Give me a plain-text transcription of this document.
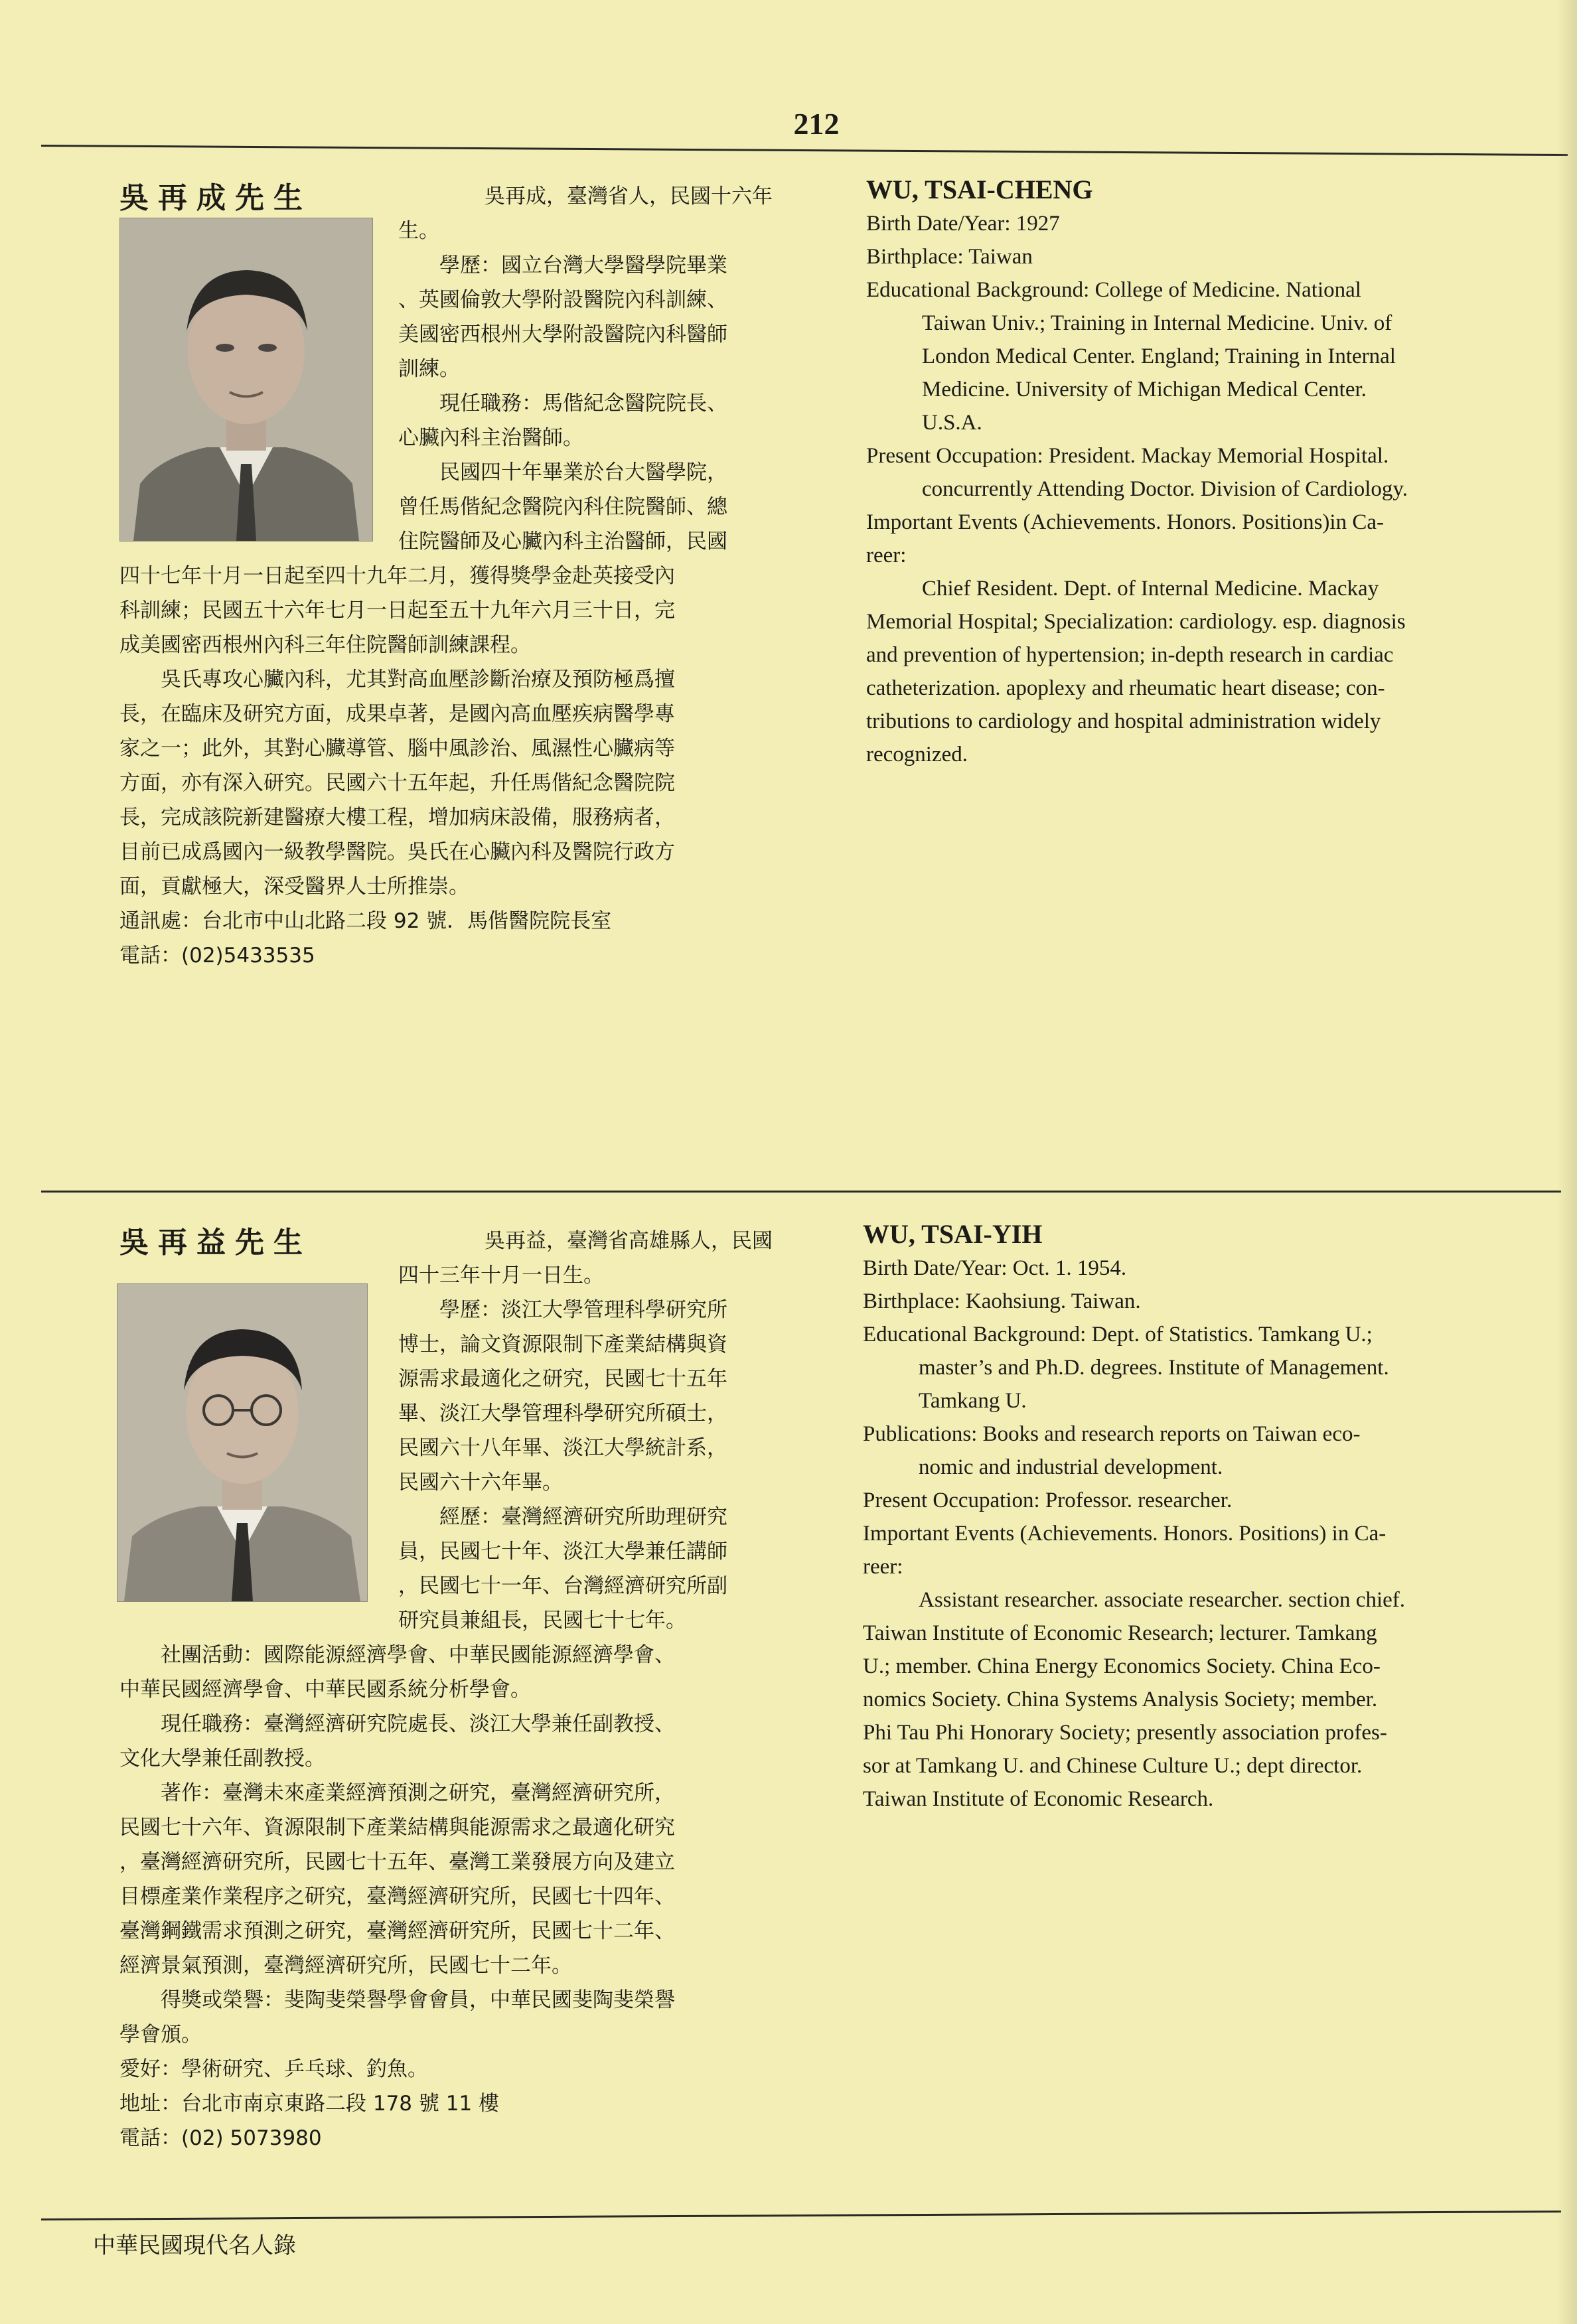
212
吳再成先生	吳再成，臺灣省人，民國十六年

生。

學歷：國立台灣大學醫學院畢業

、英國倫敦大學附設醫院內科訓練、

美國密西根州大學附設醫院內科醫師

訓練。

現任職務：馬偕紀念醫院院長、

心臟內科主治醫師。

民國四十年畢業於台大醫學院，

曾任馬偕紀念醫院內科住院醫師、總

住院醫師及心臟內科主治醫師，民國

四十七年十月一日起至四十九年二月，獲得獎學金赴英接受內

科訓練；民國五十六年七月一日起至五十九年六月三十日，完

成美國密西根州內科三年住院醫師訓練課程。

吳氏專攻心臟內科，尤其對高血壓診斷治療及預防極爲擅

長，在臨床及研究方面，成果卓著，是國內高血壓疾病醫學專

家之一；此外，其對心臟導管、腦中風診治、風濕性心臟病等

方面，亦有深入研究。民國六十五年起，升任馬偕紀念醫院院

長，完成該院新建醫療大樓工程，增加病床設備，服務病者，

目前已成爲國內一級教學醫院。吳氏在心臟內科及醫院行政方

面，貢獻極大，深受醫界人士所推崇。

通訊處：台北市中山北路二段 92 號．馬偕醫院院長室

電話：(02)5433535

WU, TSAI-CHENG
Birth Date/Year: 1927
Birthplace: Taiwan
Educational Background: College of Medicine. National
Taiwan Univ.; Training in Internal Medicine. Univ. of
London Medical Center. England; Training in Internal
Medicine. University of Michigan Medical Center.
U.S.A.
Present Occupation: President. Mackay Memorial Hospital.
concurrently Attending Doctor. Division of Cardiology.
Important Events (Achievements. Honors. Positions)in Ca-
reer:
Chief Resident. Dept. of Internal Medicine. Mackay
Memorial Hospital; Specialization: cardiology. esp. diagnosis
and prevention of hypertension; in-depth research in cardiac
catheterization. apoplexy and rheumatic heart disease; con-
tributions to cardiology and hospital administration widely
recognized.
吳再益先生	吳再益，臺灣省高雄縣人，民國

四十三年十月一日生。

學歷：淡江大學管理科學研究所

博士，論文資源限制下產業結構與資

源需求最適化之研究，民國七十五年

畢、淡江大學管理科學研究所碩士，

民國六十八年畢、淡江大學統計系，

民國六十六年畢。

經歷：臺灣經濟研究所助理研究

員，民國七十年、淡江大學兼任講師

，民國七十一年、台灣經濟研究所副

研究員兼組長，民國七十七年。

社團活動：國際能源經濟學會、中華民國能源經濟學會、

中華民國經濟學會、中華民國系統分析學會。

現任職務：臺灣經濟研究院處長、淡江大學兼任副教授、

文化大學兼任副教授。

著作：臺灣未來產業經濟預測之研究，臺灣經濟研究所，

民國七十六年、資源限制下產業結構與能源需求之最適化研究

，臺灣經濟研究所，民國七十五年、臺灣工業發展方向及建立

目標產業作業程序之研究，臺灣經濟研究所，民國七十四年、

臺灣鋼鐵需求預測之研究，臺灣經濟研究所，民國七十二年、

經濟景氣預測，臺灣經濟研究所，民國七十二年。

得獎或榮譽：斐陶斐榮譽學會會員，中華民國斐陶斐榮譽

學會頒。

愛好：學術研究、乒乓球、釣魚。

地址：台北市南京東路二段 178 號 11 樓

電話：(02) 5073980

WU, TSAI-YIH
Birth Date/Year: Oct. 1. 1954.
Birthplace: Kaohsiung. Taiwan.
Educational Background: Dept. of Statistics. Tamkang U.;
master’s and Ph.D. degrees. Institute of Management.
Tamkang U.
Publications: Books and research reports on Taiwan eco-
nomic and industrial development.
Present Occupation: Professor. researcher.
Important Events (Achievements. Honors. Positions) in Ca-
reer:
Assistant researcher. associate researcher. section chief.
Taiwan Institute of Economic Research; lecturer. Tamkang
U.; member. China Energy Economics Society. China Eco-
nomics Society. China Systems Analysis Society; member.
Phi Tau Phi Honorary Society; presently association profes-
sor at Tamkang U. and Chinese Culture U.; dept director.
Taiwan Institute of Economic Research.
中華民國現代名人錄
